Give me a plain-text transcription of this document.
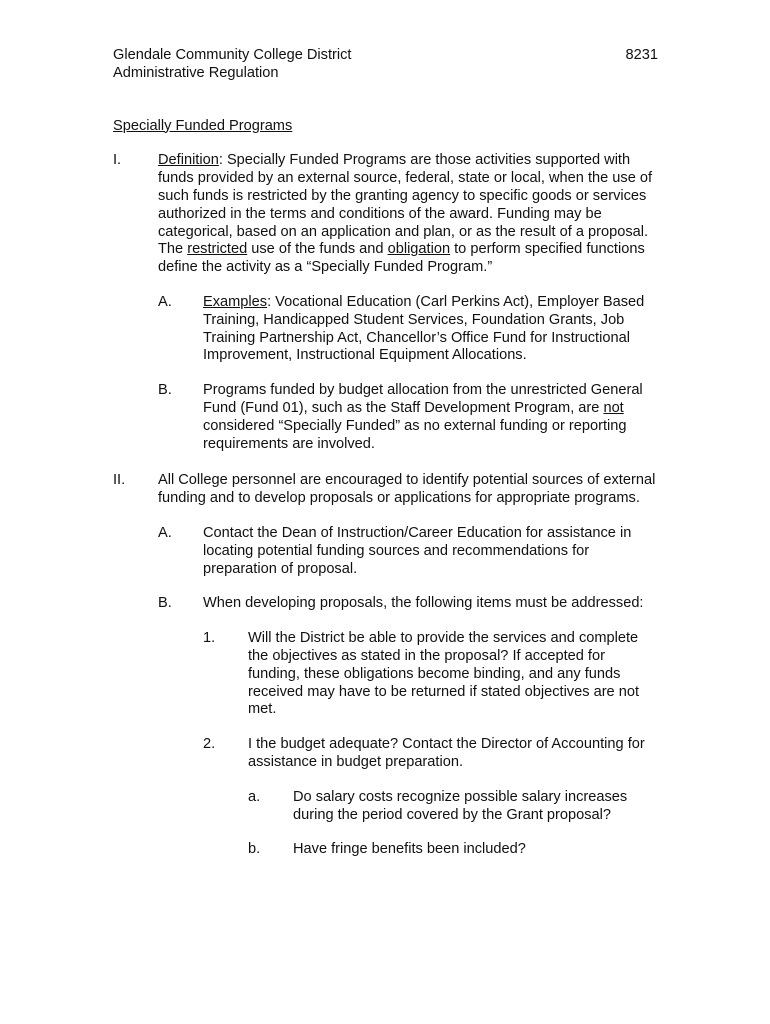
Glendale Community College District	8231
Administrative Regulation
Specially Funded Programs
I.	Definition: Specially Funded Programs are those activities supported with funds provided by an external source, federal, state or local, when the use of such funds is restricted by the granting agency to specific goods or services authorized in the terms and conditions of the award. Funding may be categorical, based on an application and plan, or as the result of a proposal. The restricted use of the funds and obligation to perform specified functions define the activity as a “Specially Funded Program.”
A.	Examples: Vocational Education (Carl Perkins Act), Employer Based Training, Handicapped Student Services, Foundation Grants, Job Training Partnership Act, Chancellor’s Office Fund for Instructional Improvement, Instructional Equipment Allocations.
B.	Programs funded by budget allocation from the unrestricted General Fund (Fund 01), such as the Staff Development Program, are not considered “Specially Funded” as no external funding or reporting requirements are involved.
II.	All College personnel are encouraged to identify potential sources of external funding and to develop proposals or applications for appropriate programs.
A.	Contact the Dean of Instruction/Career Education for assistance in locating potential funding sources and recommendations for preparation of proposal.
B.	When developing proposals, the following items must be addressed:
1.	Will the District be able to provide the services and complete the objectives as stated in the proposal? If accepted for funding, these obligations become binding, and any funds received may have to be returned if stated objectives are not met.
2.	I the budget adequate? Contact the Director of Accounting for assistance in budget preparation.
a.	Do salary costs recognize possible salary increases during the period covered by the Grant proposal?
b.	Have fringe benefits been included?
